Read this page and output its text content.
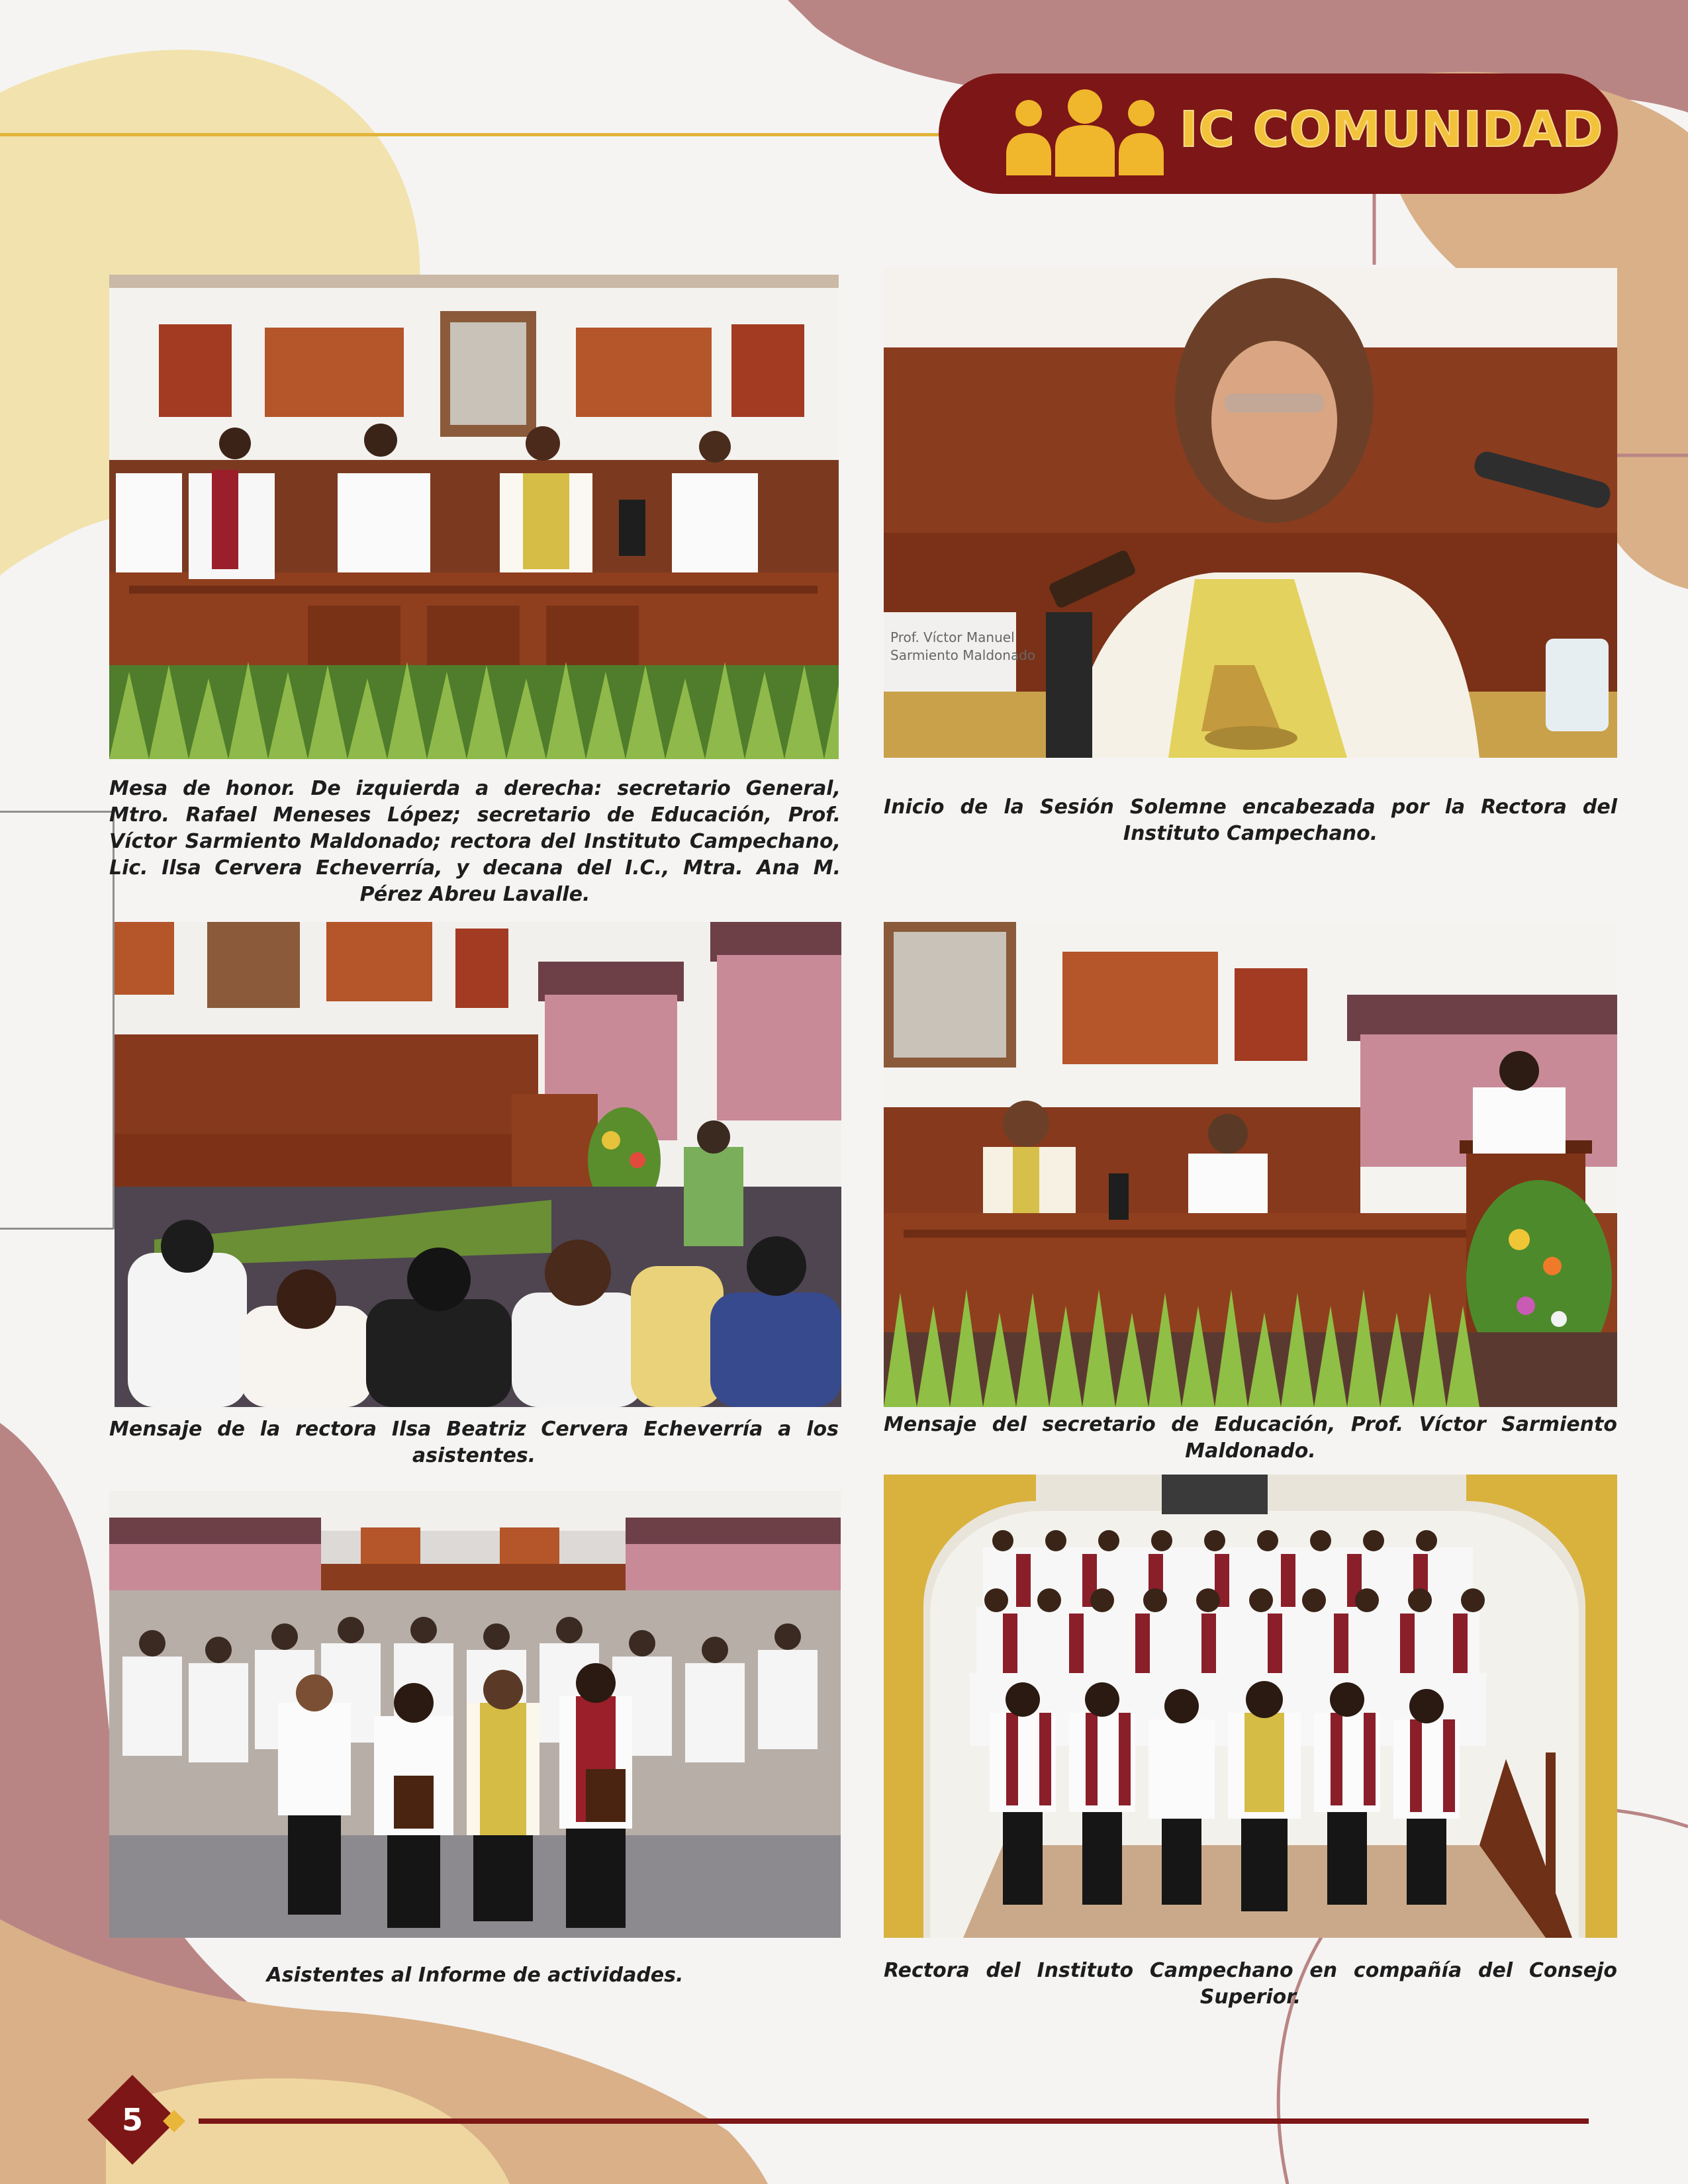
IC COMUNIDAD
Mesa de honor. De izquierda a derecha: secretario General, Mtro. Rafael Meneses López; secretario de Educación, Prof. Víctor Sarmiento Maldonado; rectora del Instituto Campechano, Lic. Ilsa Cervera Echeverría, y decana del I.C., Mtra. Ana M. Pérez Abreu Lavalle.
Prof. Víctor Manuel
Sarmiento Maldonado
Inicio de la Sesión Solemne encabezada por la Rectora del Instituto Campechano.
Mensaje de la rectora Ilsa Beatriz Cervera Echeverría a los asistentes.
Mensaje del secretario de Educación, Prof. Víctor Sarmiento Maldonado.
Asistentes al Informe de actividades.	Rectora del Instituto Campechano en compañía del Consejo Superior.
5
